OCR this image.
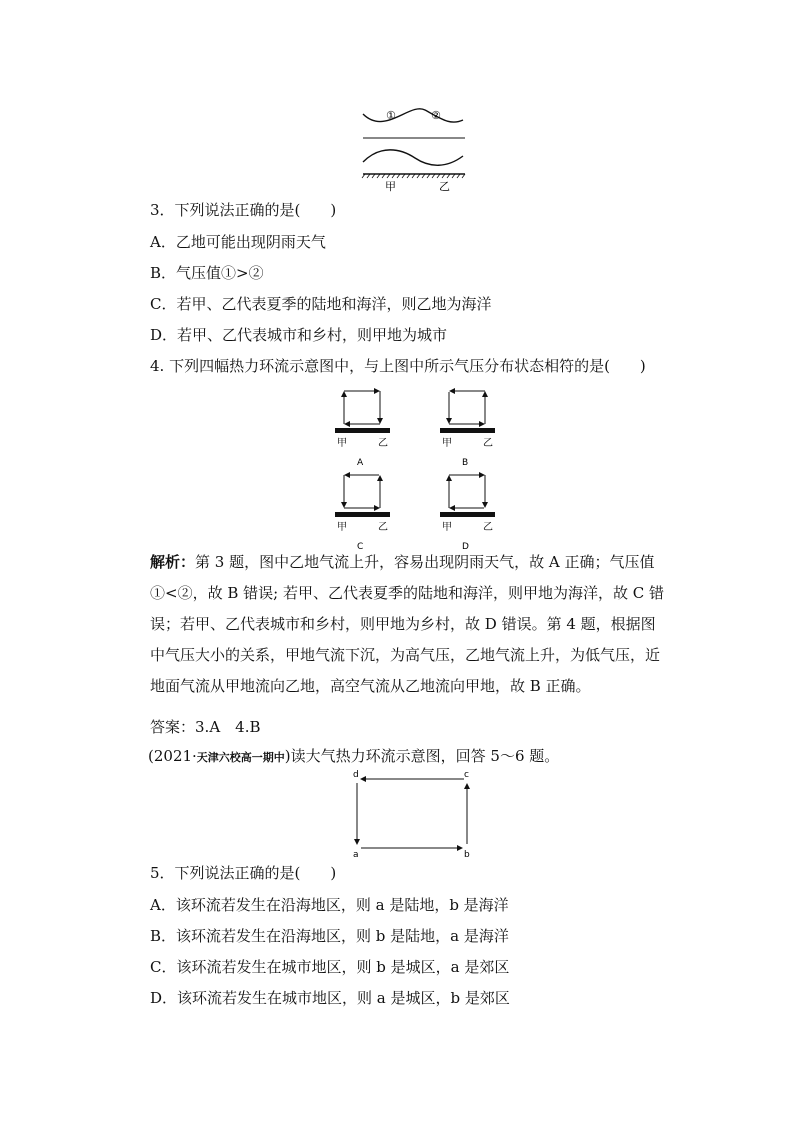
①	②
甲	乙
3．下列说法正确的是(　　)
A．乙地可能出现阴雨天气
B．气压值①>②
C．若甲、乙代表夏季的陆地和海洋，则乙地为海洋
D．若甲、乙代表城市和乡村，则甲地为城市
4. 下列四幅热力环流示意图中，与上图中所示气压分布状态相符的是(　　)
甲	乙
A
甲	乙
B
甲	乙
C
甲	乙
D
解析：第 3 题，图中乙地气流上升，容易出现阴雨天气，故 A 正确；气压值①<②，故 B 错误; 若甲、乙代表夏季的陆地和海洋，则甲地为海洋，故 C 错误；若甲、乙代表城市和乡村，则甲地为乡村，故 D 错误。第 4 题，根据图中气压大小的关系，甲地气流下沉，为高气压，乙地气流上升，为低气压，近地面气流从甲地流向乙地，高空气流从乙地流向甲地，故 B 正确。
答案：3.A　4.B
(2021·天津六校高一期中)读大气热力环流示意图，回答 5～6 题。
d	c
a	b
5．下列说法正确的是(　　)
A．该环流若发生在沿海地区，则 a 是陆地，b 是海洋
B．该环流若发生在沿海地区，则 b 是陆地，a 是海洋
C．该环流若发生在城市地区，则 b 是城区，a 是郊区
D．该环流若发生在城市地区，则 a 是城区，b 是郊区
